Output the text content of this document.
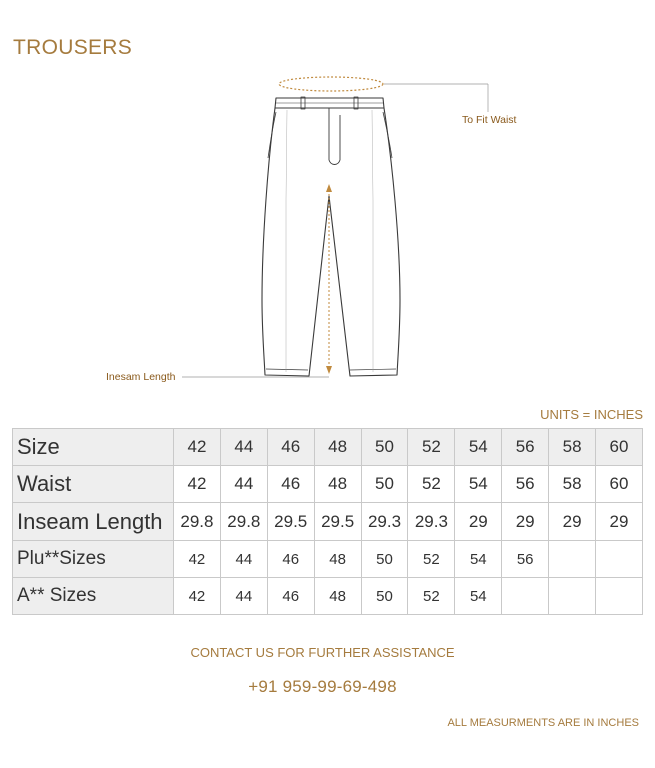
TROUSERS
To Fit Waist
Inesam Length
UNITS = INCHES
Size	42	44	46	48	50	52	54	56	58	60
Waist	42	44	46	48	50	52	54	56	58	60
Inseam Length	29.8	29.8	29.5	29.5	29.3	29.3	29	29	29	29
Plu**Sizes	42	44	46	48	50	52	54	56		
A** Sizes	42	44	46	48	50	52	54			
CONTACT US FOR FURTHER ASSISTANCE
+91 959-99-69-498
ALL MEASURMENTS ARE IN INCHES
